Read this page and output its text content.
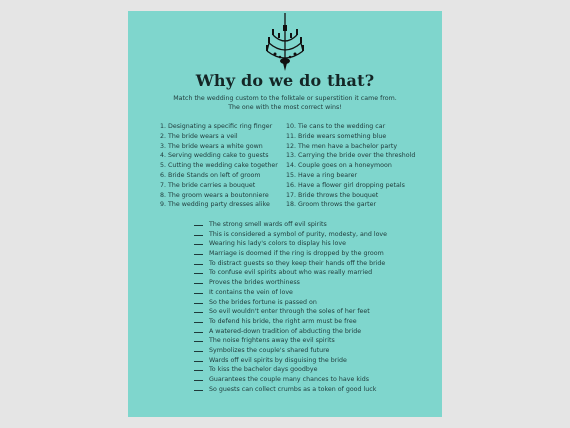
Why do we do that?
Match the wedding custom to the folktale or superstition it came from.
The one with the most correct wins!
1. Designating a specific ring finger
2. The bride wears a veil
3. The bride wears a white gown
4. Serving wedding cake to guests
5. Cutting the wedding cake together
6. Bride Stands on left of groom
7. The bride carries a bouquet
8. The groom wears a boutonniere
9. The wedding party dresses alike
10. Tie cans to the wedding car
11. Bride wears something blue
12. The men have a bachelor party
13. Carrying the bride over the threshold
14. Couple goes on a honeymoon
15. Have a ring bearer
16. Have a flower girl dropping petals
17. Bride throws the bouquet
18. Groom throws the garter
The strong smell wards off evil spirits
This is considered a symbol of purity, modesty, and love
Wearing his lady's colors to display his love
Marriage is doomed if the ring is dropped by the groom
To distract guests so they keep their hands off the bride
To confuse evil spirits about who was really married
Proves the brides worthiness
It contains the vein of love
So the brides fortune is passed on
So evil wouldn't enter through the soles of her feet
To defend his bride, the right arm must be free
A watered-down tradition of abducting the bride
The noise frightens away the evil spirits
Symbolizes the couple's shared future
Wards off evil spirits by disguising the bride
To kiss the bachelor days goodbye
Guarantees the couple many chances to have kids
So guests can collect crumbs as a token of good luck
